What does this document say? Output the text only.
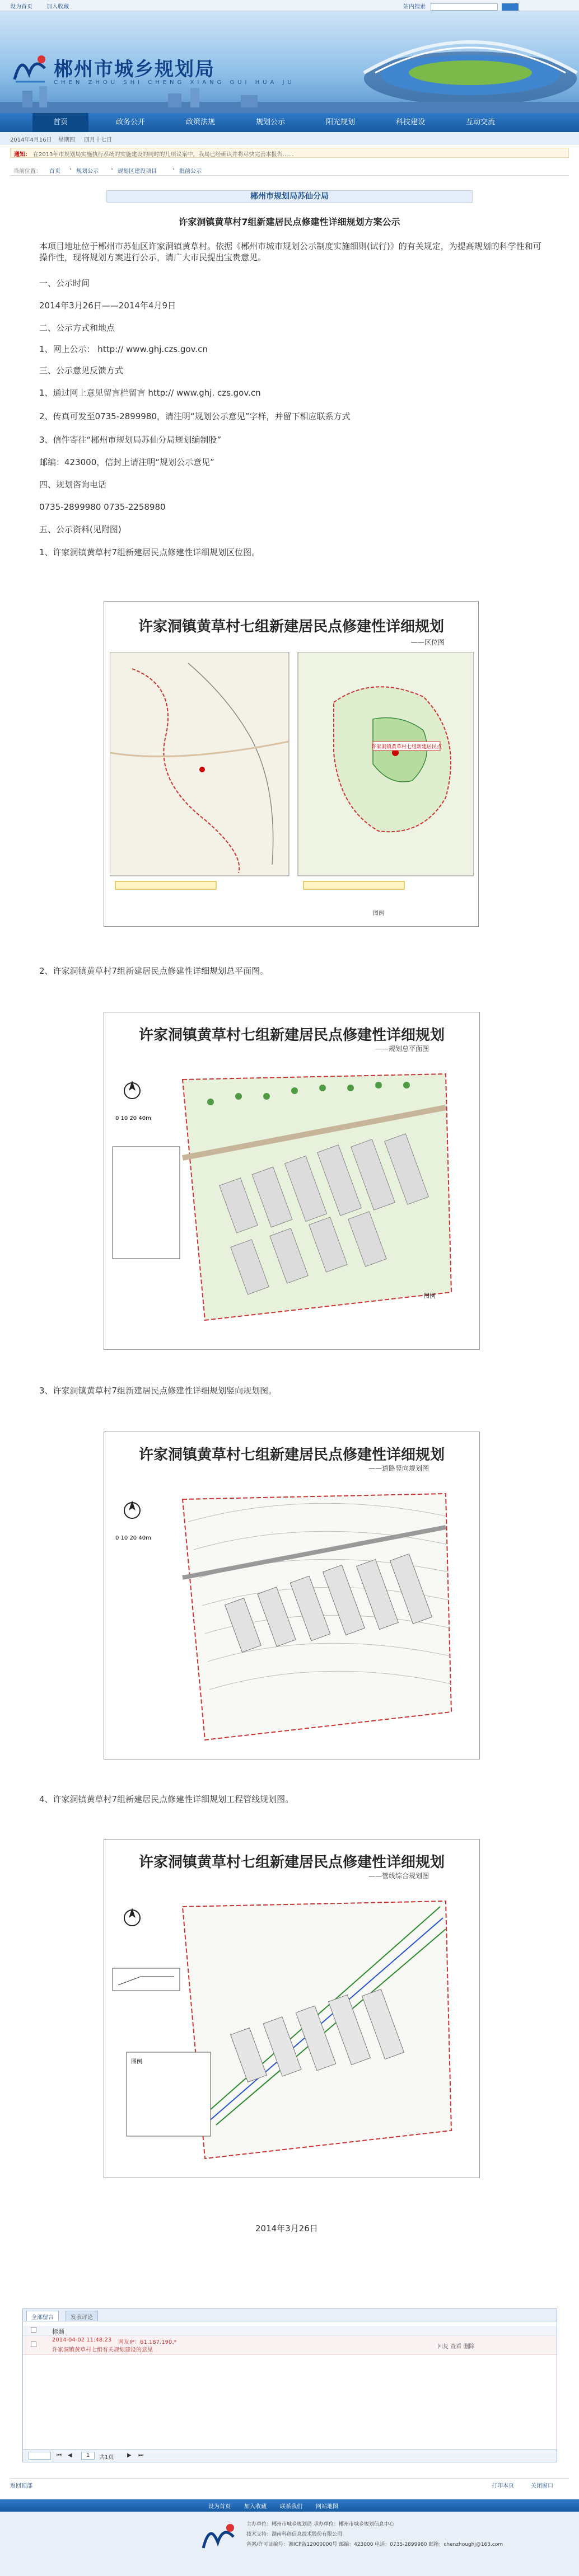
设为首页	加入收藏	站内搜索
郴州市城乡规划局
CHEN ZHOU SHI CHENG XIANG GUI HUA JU
首页	政务公开	政策法规	规划公示	阳光规划	科技建设	互动交流
2014年4月16日 星期四 四月十七日
通知： 在2013年市规划局实施执行系统的实施建设的同时的几项议案中，我局已经确认并将尽快完善本报告……
当前位置： 首页 › 规划公示 › 规划区建设项目	› 批前公示
郴州市规划局苏仙分局
许家洞镇黄草村7组新建居民点修建性详细规划方案公示
本项目地址位于郴州市苏仙区许家洞镇黄草村。依据《郴州市城市规划公示制度实施细则(试行)》的有关规定，为提高规划的科学性和可操作性，现将规划方案进行公示，请广大市民提出宝贵意见。
一、公示时间
2014年3月26日——2014年4月9日
二、公示方式和地点
1、网上公示： http:// www.ghj.czs.gov.cn
三、公示意见反馈方式
1、通过网上意见留言栏留言 http:// www.ghj. czs.gov.cn
2、传真可发至0735-2899980，请注明“规划公示意见”字样，并留下相应联系方式
3、信件寄往“郴州市规划局苏仙分局规划编制股”
邮编：423000，信封上请注明“规划公示意见”
四、规划咨询电话
0735-2899980 0735-2258980
五、公示资料(见附图)
1、许家洞镇黄草村7组新建居民点修建性详细规划区位图。
许家洞镇黄草村七组新建居民点修建性详细规划
——区位图
许家洞镇黄草村七组新建居民点
图例
2、许家洞镇黄草村7组新建居民点修建性详细规划总平面图。
许家洞镇黄草村七组新建居民点修建性详细规划
——规划总平面图
0 10 20 40m
图例
3、许家洞镇黄草村7组新建居民点修建性详细规划竖向规划图。
许家洞镇黄草村七组新建居民点修建性详细规划
——道路竖向规划图
0 10 20 40m
4、许家洞镇黄草村7组新建居民点修建性详细规划工程管线规划图。
许家洞镇黄草村七组新建居民点修建性详细规划
——管线综合规划图
图例
2014年3月26日
全部留言	发表评论
标题
2014-04-02 11:48:23 网友IP：61.187.190.*
许家洞镇黄草村七组有关规划建设的意见
回复 查看 删除
⏮ ◀	1	共1页 ▶ ⏭
返回顶部	打印本页	关闭窗口
设为首页 加入收藏 联系我们 网站地图
主办单位：郴州市城乡规划局 承办单位：郴州市城乡规划信息中心
技术支持：湖南科创信息技术股份有限公司
备案/许可证编号：湘ICP备12000000号 邮编：423000 电话：0735-2899980 邮箱：chenzhoughj@163.com
